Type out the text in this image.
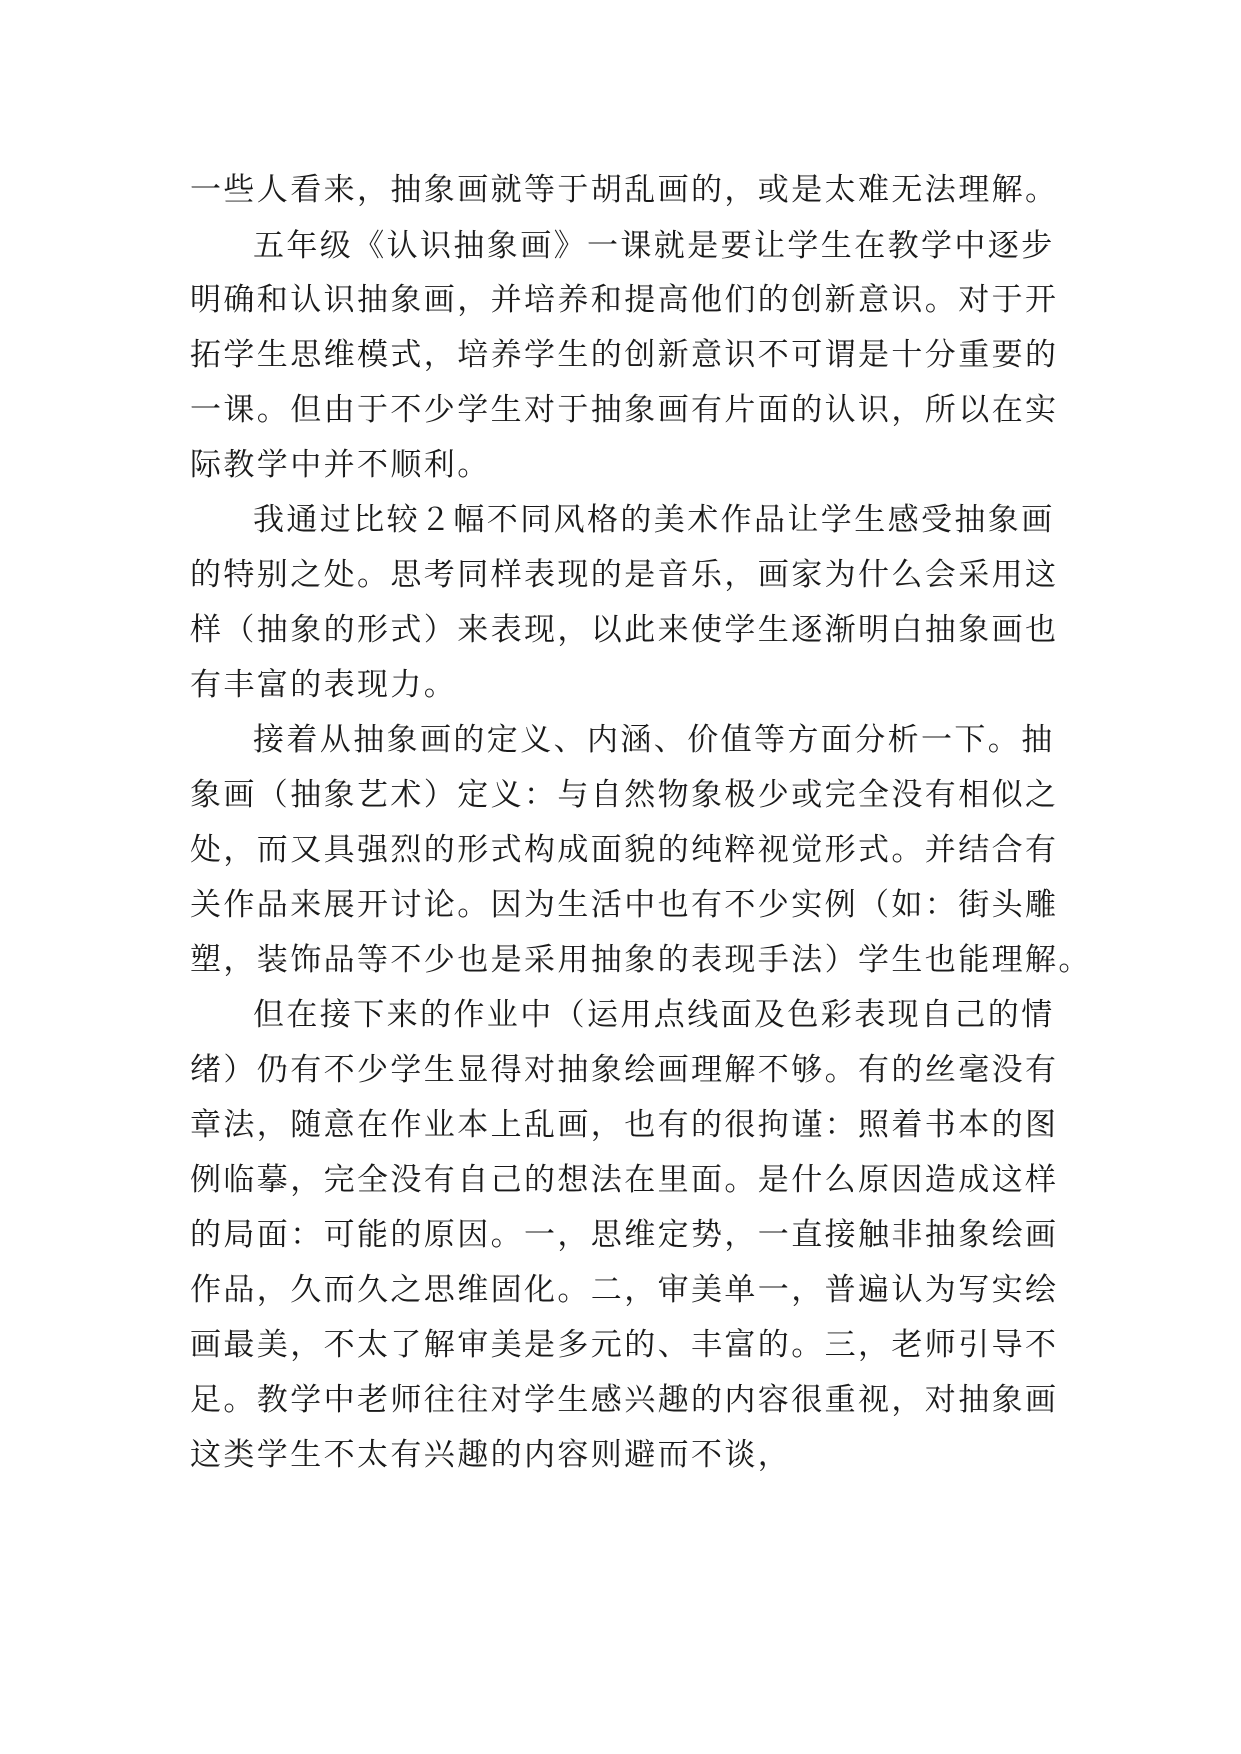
一些人看来，抽象画就等于胡乱画的，或是太难无法理解。
五年级《认识抽象画》一课就是要让学生在教学中逐步
明确和认识抽象画，并培养和提高他们的创新意识。对于开
拓学生思维模式，培养学生的创新意识不可谓是十分重要的
一课。但由于不少学生对于抽象画有片面的认识，所以在实
际教学中并不顺利。
我通过比较２幅不同风格的美术作品让学生感受抽象画
的特别之处。思考同样表现的是音乐，画家为什么会采用这
样（抽象的形式）来表现，以此来使学生逐渐明白抽象画也
有丰富的表现力。
接着从抽象画的定义、内涵、价值等方面分析一下。抽
象画（抽象艺术）定义：与自然物象极少或完全没有相似之
处，而又具强烈的形式构成面貌的纯粹视觉形式。并结合有
关作品来展开讨论。因为生活中也有不少实例（如：街头雕
塑，装饰品等不少也是采用抽象的表现手法）学生也能理解。
但在接下来的作业中（运用点线面及色彩表现自己的情
绪）仍有不少学生显得对抽象绘画理解不够。有的丝毫没有
章法，随意在作业本上乱画，也有的很拘谨：照着书本的图
例临摹，完全没有自己的想法在里面。是什么原因造成这样
的局面：可能的原因。一，思维定势，一直接触非抽象绘画
作品，久而久之思维固化。二，审美单一，普遍认为写实绘
画最美，不太了解审美是多元的、丰富的。三，老师引导不
足。教学中老师往往对学生感兴趣的内容很重视，对抽象画
这类学生不太有兴趣的内容则避而不谈，
